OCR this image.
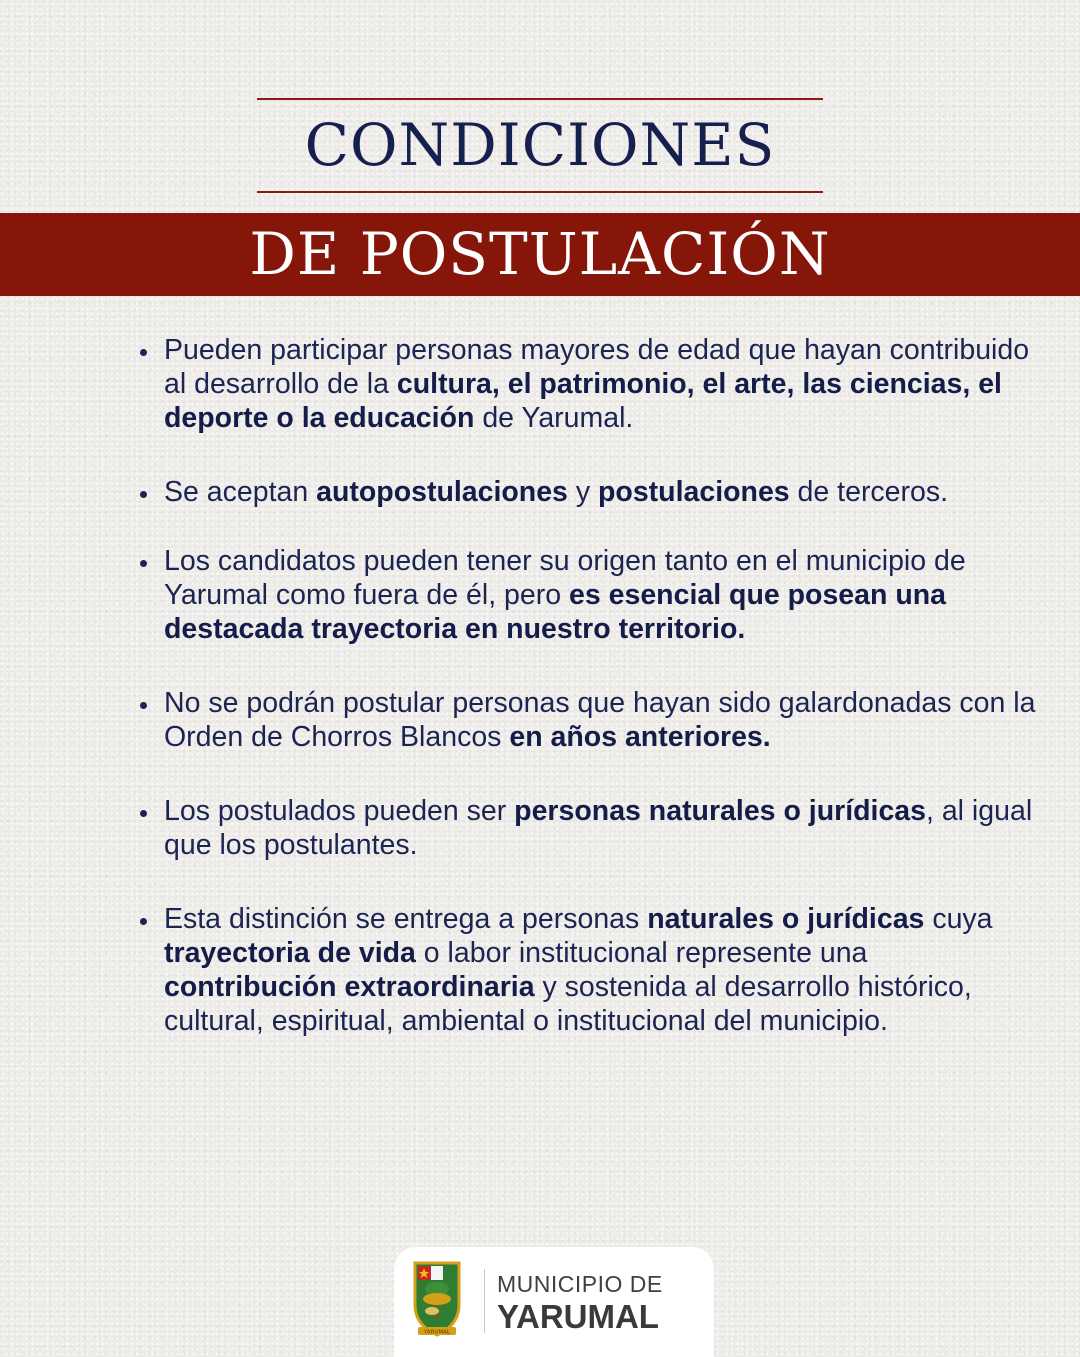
CONDICIONES
DE POSTULACIÓN
Pueden participar personas mayores de edad que hayan contribuido al desarrollo de la cultura, el patrimonio, el arte, las ciencias, el deporte o la educación de Yarumal.
Se aceptan autopostulaciones y postulaciones de terceros.
Los candidatos pueden tener su origen tanto en el municipio de Yarumal como fuera de él, pero es esencial que posean una destacada trayectoria en nuestro territorio.
No se podrán postular personas que hayan sido galardonadas con la Orden de Chorros Blancos en años anteriores.
Los postulados pueden ser personas naturales o jurídicas, al igual que los postulantes.
Esta distinción se entrega a personas naturales o jurídicas cuya trayectoria de vida o labor institucional represente una contribución extraordinaria y sostenida al desarrollo histórico, cultural, espiritual, ambiental o institucional del municipio.
YARUMAL
MUNICIPIO DE
YARUMAL
